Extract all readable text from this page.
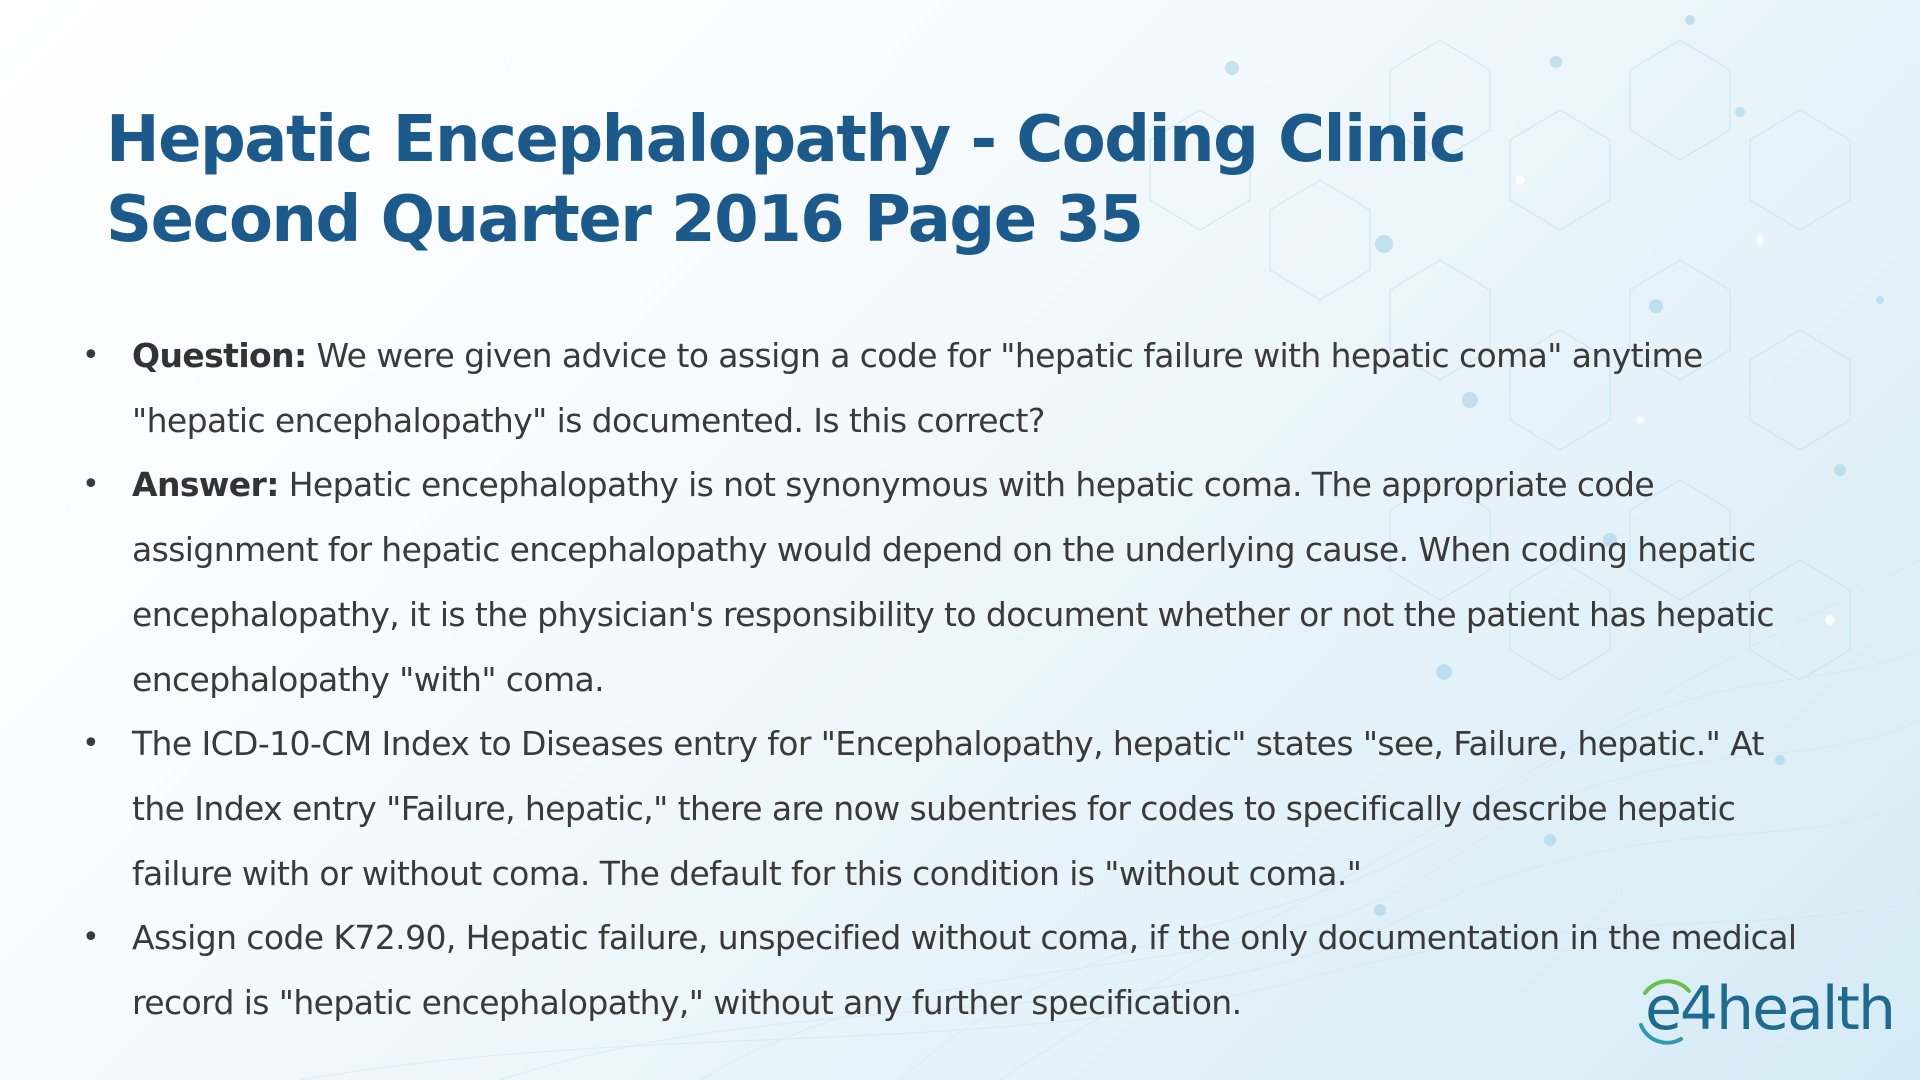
Hepatic Encephalopathy - Coding Clinic Second Quarter 2016 Page 35
• Question: We were given advice to assign a code for "hepatic failure with hepatic coma" anytime "hepatic encephalopathy" is documented. Is this correct?
• Answer: Hepatic encephalopathy is not synonymous with hepatic coma. The appropriate code assignment for hepatic encephalopathy would depend on the underlying cause. When coding hepatic encephalopathy, it is the physician's responsibility to document whether or not the patient has hepatic encephalopathy "with" coma.
• The ICD-10-CM Index to Diseases entry for "Encephalopathy, hepatic" states "see, Failure, hepatic." At the Index entry "Failure, hepatic," there are now subentries for codes to specifically describe hepatic failure with or without coma. The default for this condition is "without coma."
• Assign code K72.90, Hepatic failure, unspecified without coma, if the only documentation in the medical record is "hepatic encephalopathy," without any further specification.	e4health
